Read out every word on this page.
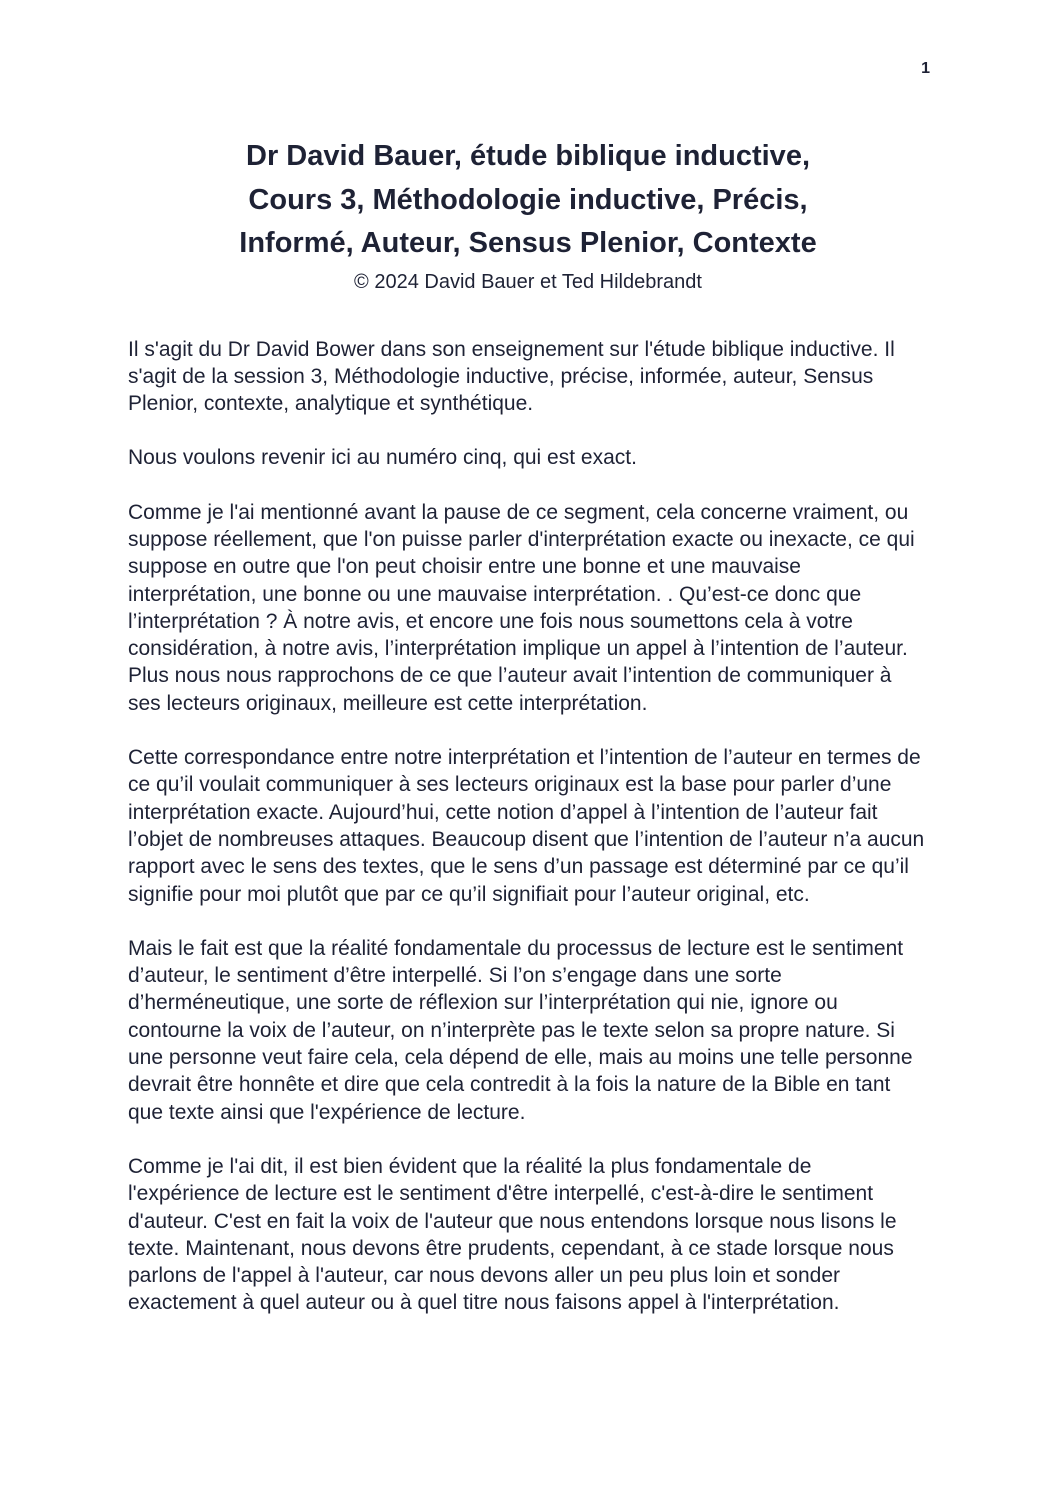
1
Dr David Bauer, étude biblique inductive,
Cours 3, Méthodologie inductive, Précis,
Informé, Auteur, Sensus Plenior, Contexte
© 2024 David Bauer et Ted Hildebrandt

Il s'agit du Dr David Bower dans son enseignement sur l'étude biblique inductive. Il s'agit de la session 3, Méthodologie inductive, précise, informée, auteur, Sensus Plenior, contexte, analytique et synthétique.

Nous voulons revenir ici au numéro cinq, qui est exact.

Comme je l'ai mentionné avant la pause de ce segment, cela concerne vraiment, ou suppose réellement, que l'on puisse parler d'interprétation exacte ou inexacte, ce qui suppose en outre que l'on peut choisir entre une bonne et une mauvaise interprétation, une bonne ou une mauvaise interprétation. . Qu’est-ce donc que l’interprétation ? À notre avis, et encore une fois nous soumettons cela à votre considération, à notre avis, l’interprétation implique un appel à l’intention de l’auteur. Plus nous nous rapprochons de ce que l’auteur avait l’intention de communiquer à ses lecteurs originaux, meilleure est cette interprétation.

Cette correspondance entre notre interprétation et l’intention de l’auteur en termes de ce qu’il voulait communiquer à ses lecteurs originaux est la base pour parler d’une interprétation exacte. Aujourd’hui, cette notion d’appel à l’intention de l’auteur fait l’objet de nombreuses attaques. Beaucoup disent que l’intention de l’auteur n’a aucun rapport avec le sens des textes, que le sens d’un passage est déterminé par ce qu’il signifie pour moi plutôt que par ce qu’il signifiait pour l’auteur original, etc.

Mais le fait est que la réalité fondamentale du processus de lecture est le sentiment d’auteur, le sentiment d’être interpellé. Si l’on s’engage dans une sorte d’herméneutique, une sorte de réflexion sur l’interprétation qui nie, ignore ou contourne la voix de l’auteur, on n’interprète pas le texte selon sa propre nature. Si une personne veut faire cela, cela dépend de elle, mais au moins une telle personne devrait être honnête et dire que cela contredit à la fois la nature de la Bible en tant que texte ainsi que l'expérience de lecture.

Comme je l'ai dit, il est bien évident que la réalité la plus fondamentale de l'expérience de lecture est le sentiment d'être interpellé, c'est-à-dire le sentiment d'auteur. C'est en fait la voix de l'auteur que nous entendons lorsque nous lisons le texte. Maintenant, nous devons être prudents, cependant, à ce stade lorsque nous parlons de l'appel à l'auteur, car nous devons aller un peu plus loin et sonder exactement à quel auteur ou à quel titre nous faisons appel à l'interprétation.
